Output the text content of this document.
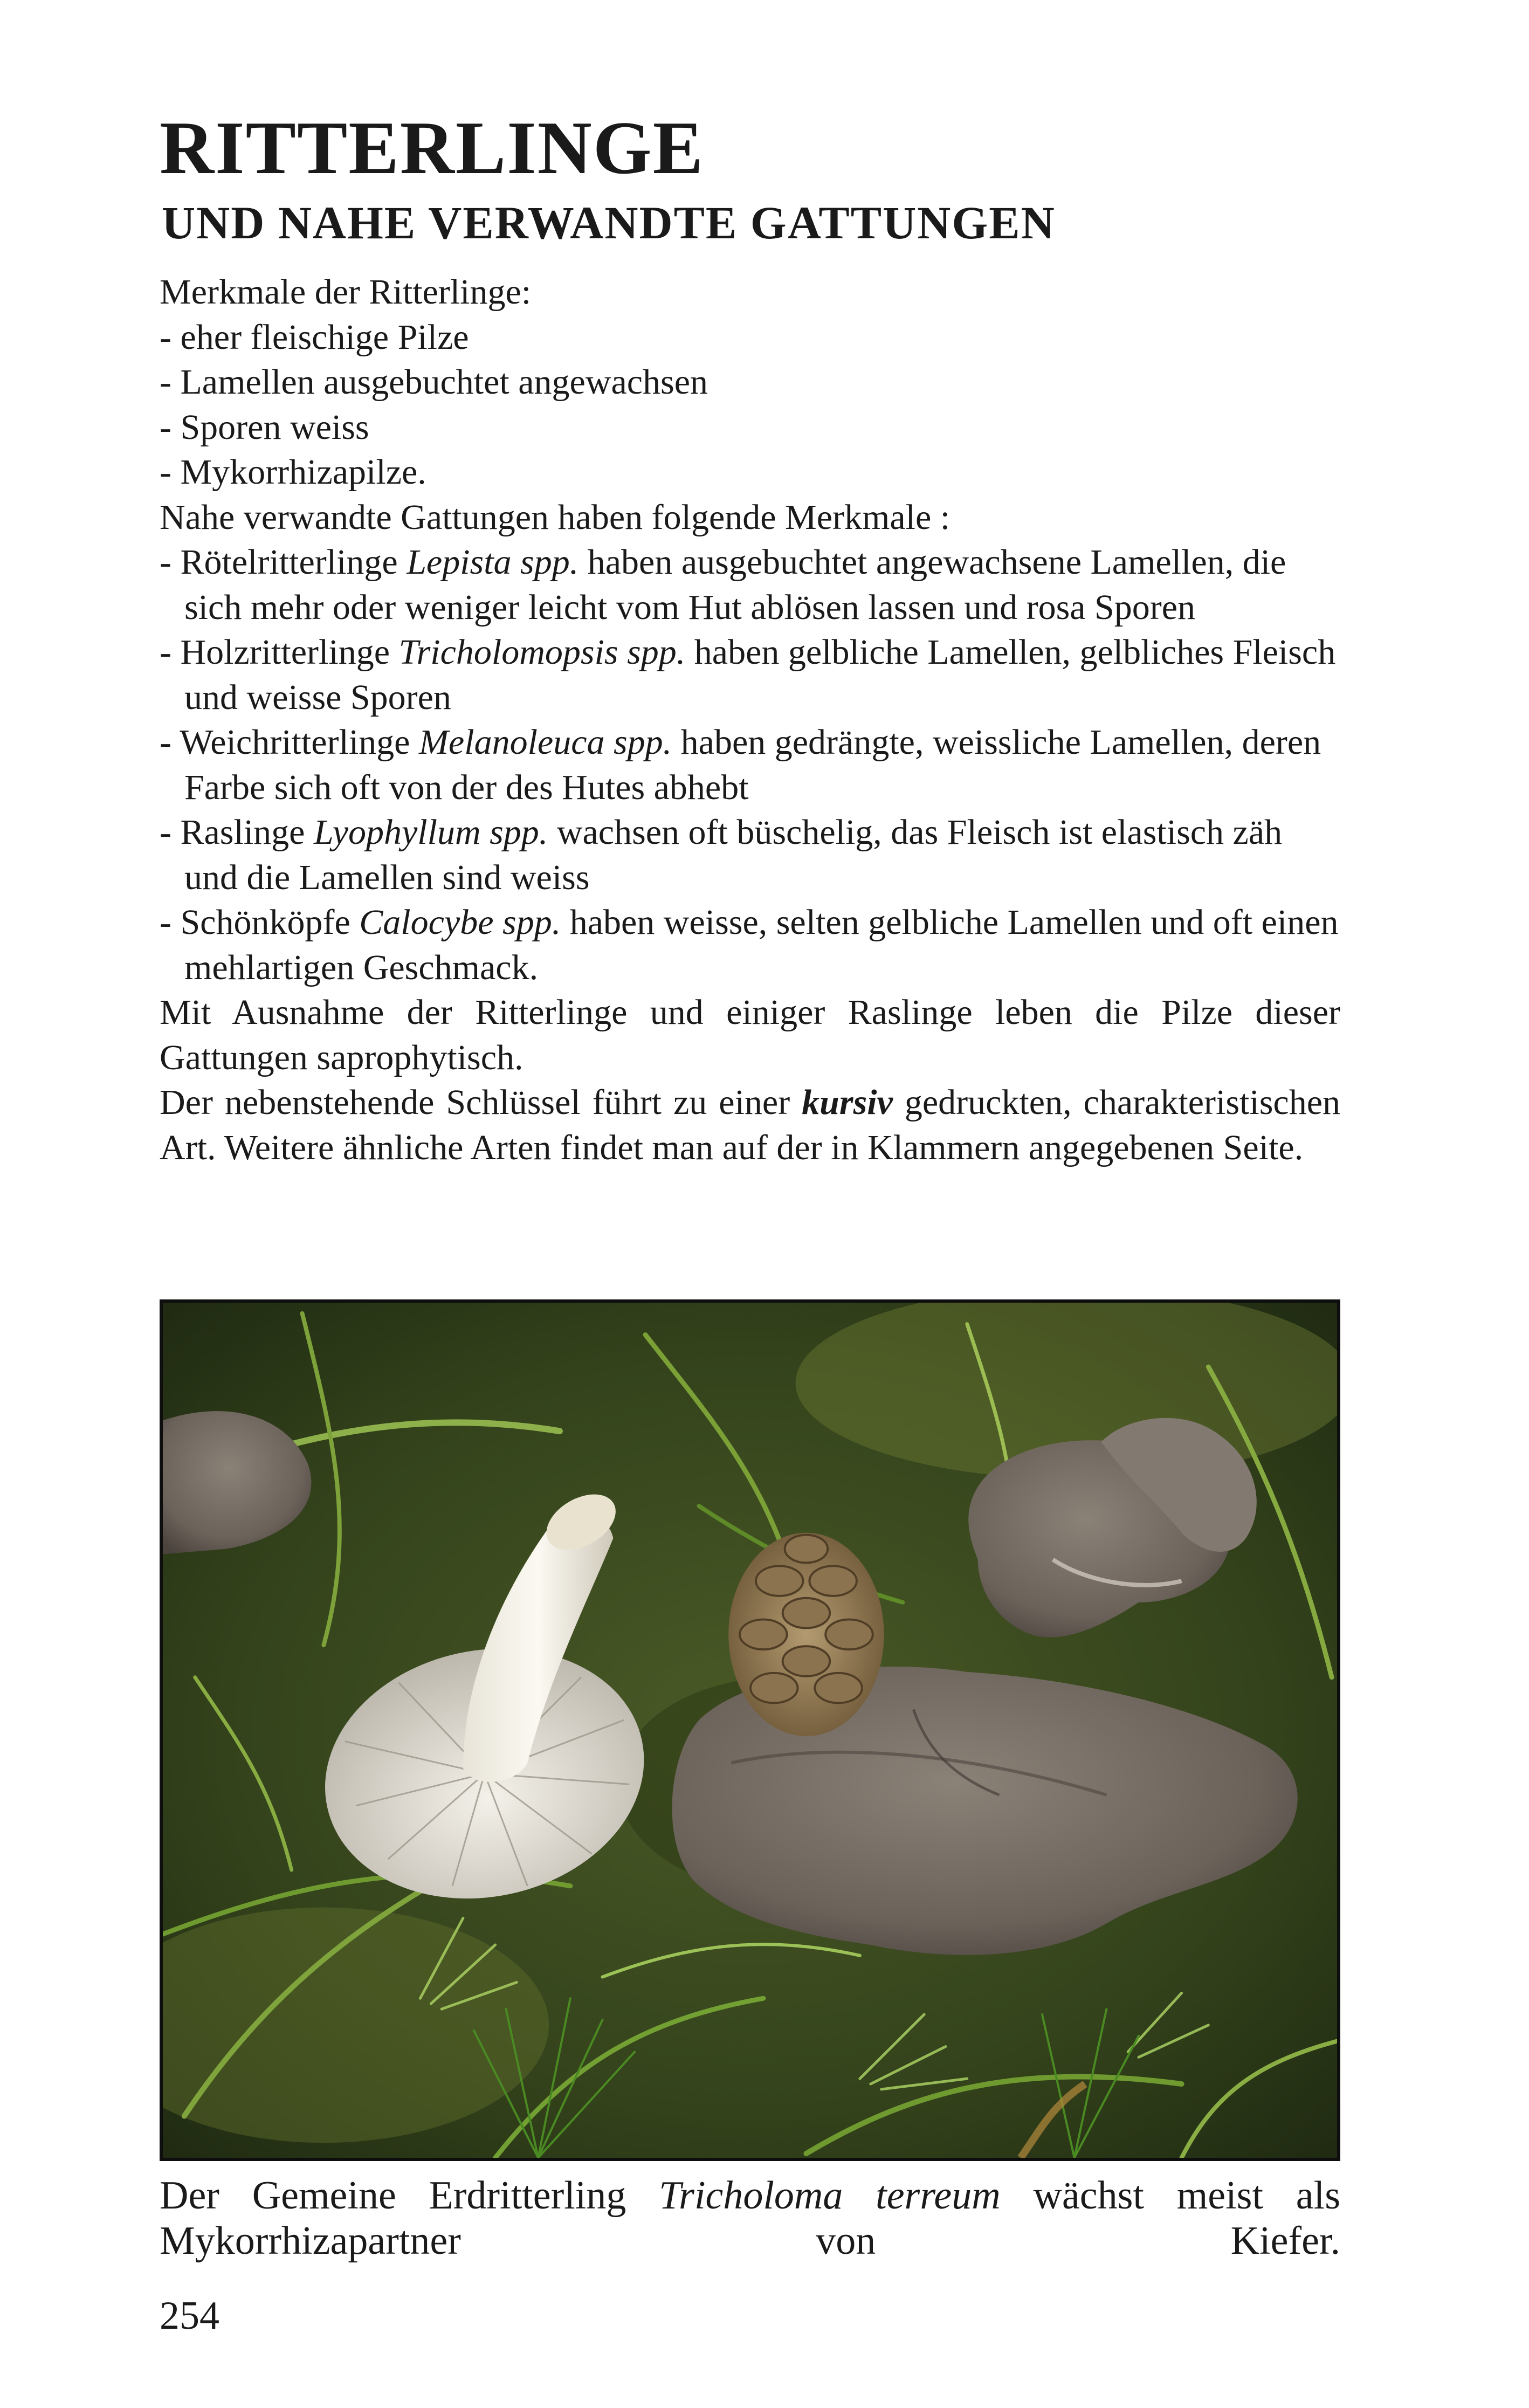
RITTERLINGE
UND NAHE VERWANDTE GATTUNGEN

Merkmale der Ritterlinge:

- eher fleischige Pilze

- Lamellen ausgebuchtet angewachsen

- Sporen weiss

- Mykorrhizapilze.

Nahe verwandte Gattungen haben folgende Merkmale :

- Rötelritterlinge Lepista spp. haben ausgebuchtet angewachsene Lamellen, die sich mehr oder weniger leicht vom Hut ablösen lassen und rosa Sporen

- Holzritterlinge Tricholomopsis spp. haben gelbliche Lamellen, gelbliches Fleisch und weisse Sporen

- Weichritterlinge Melanoleuca spp. haben gedrängte, weissliche Lamellen, deren Farbe sich oft von der des Hutes abhebt

- Raslinge Lyophyllum spp. wachsen oft büschelig, das Fleisch ist elastisch zäh und die Lamellen sind weiss

- Schönköpfe Calocybe spp. haben weisse, selten gelbliche Lamellen und oft einen mehlartigen Geschmack.

Mit Ausnahme der Ritterlinge und einiger Raslinge leben die Pilze dieser Gattungen saprophytisch.

Der nebenstehende Schlüssel führt zu einer kursiv gedruckten, charakteristischen Art. Weitere ähnliche Arten findet man auf der in Klammern angegebenen Seite.

Der Gemeine Erdritterling Tricholoma terreum wächst meist als Mykorrhizapartner von Kiefer.

254
